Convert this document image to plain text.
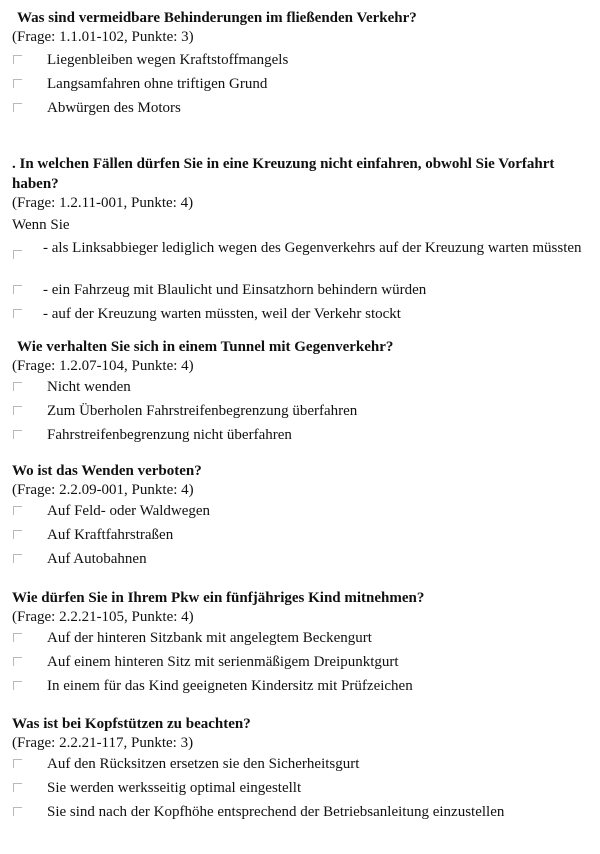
Was sind vermeidbare Behinderungen im fließenden Verkehr?

(Frage: 1.1.01-102, Punkte: 3)

Liegenbleiben wegen Kraftstoffmangels
Langsamfahren ohne triftigen Grund
Abwürgen des Motors

. In welchen Fällen dürfen Sie in eine Kreuzung nicht einfahren, obwohl Sie Vorfahrt haben?

(Frage: 1.2.11-001, Punkte: 4)

Wenn Sie

- als Linksabbieger lediglich wegen des Gegenverkehrs auf der Kreuzung warten müssten
- ein Fahrzeug mit Blaulicht und Einsatzhorn behindern würden
- auf der Kreuzung warten müssten, weil der Verkehr stockt

Wie verhalten Sie sich in einem Tunnel mit Gegenverkehr?

(Frage: 1.2.07-104, Punkte: 4)

Nicht wenden
Zum Überholen Fahrstreifenbegrenzung überfahren
Fahrstreifenbegrenzung nicht überfahren

Wo ist das Wenden verboten?

(Frage: 2.2.09-001, Punkte: 4)

Auf Feld- oder Waldwegen
Auf Kraftfahrstraßen
Auf Autobahnen

Wie dürfen Sie in Ihrem Pkw ein fünfjähriges Kind mitnehmen?

(Frage: 2.2.21-105, Punkte: 4)

Auf der hinteren Sitzbank mit angelegtem Beckengurt
Auf einem hinteren Sitz mit serienmäßigem Dreipunktgurt
In einem für das Kind geeigneten Kindersitz mit Prüfzeichen

Was ist bei Kopfstützen zu beachten?

(Frage: 2.2.21-117, Punkte: 3)

Auf den Rücksitzen ersetzen sie den Sicherheitsgurt
Sie werden werksseitig optimal eingestellt
Sie sind nach der Kopfhöhe entsprechend der Betriebsanleitung einzustellen
